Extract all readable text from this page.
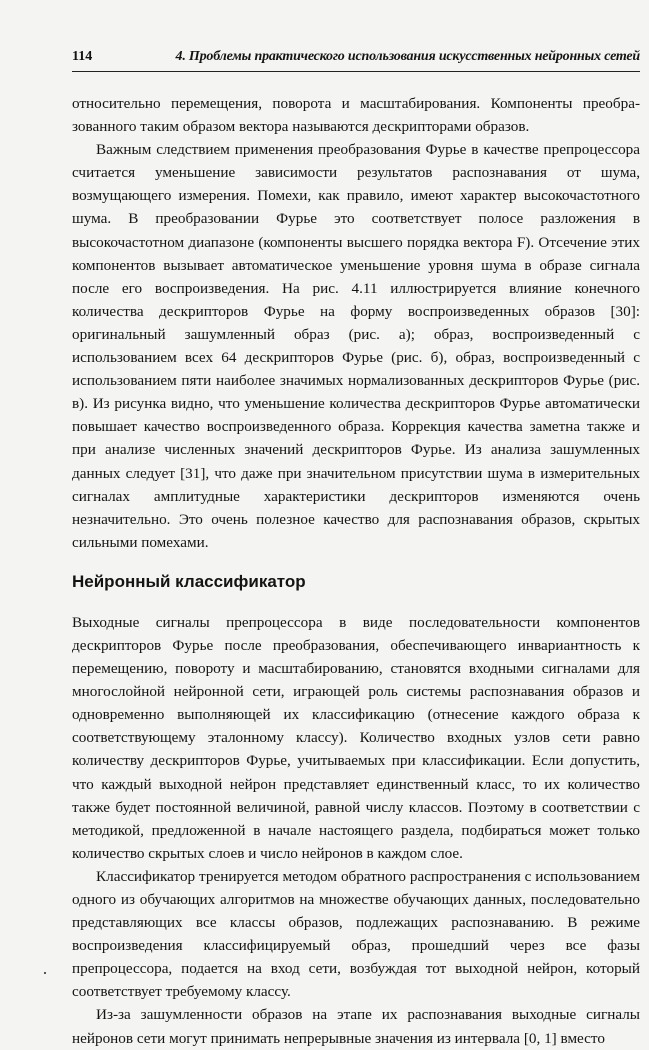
114	4. Проблемы практического использования искусственных нейронных сетей

относительно перемещения, поворота и масштабирования. Компоненты преобразованного таким образом вектора называются дескрипторами образов.

Важным следствием применения преобразования Фурье в качестве препроцессора считается уменьшение зависимости результатов распознавания от шума, возмущающего измерения. Помехи, как правило, имеют характер высокочастотного шума. В преобразовании Фурье это соответствует полосе разложения в высокочастотном диапазоне (компоненты высшего порядка вектора F). Отсечение этих компонентов вызывает автоматическое уменьшение уровня шума в образе сигнала после его воспроизведения. На рис. 4.11 иллюстрируется влияние конечного количества дескрипторов Фурье на форму воспроизведенных образов [30]: оригинальный зашумленный образ (рис. а); образ, воспроизведенный с использованием всех 64 дескрипторов Фурье (рис. б), образ, воспроизведенный с использованием пяти наиболее значимых нормализованных дескрипторов Фурье (рис. в). Из рисунка видно, что уменьшение количества дескрипторов Фурье автоматически повышает качество воспроизведенного образа. Коррекция качества заметна также и при анализе численных значений дескрипторов Фурье. Из анализа зашумленных данных следует [31], что даже при значительном присутствии шума в измерительных сигналах амплитудные характеристики дескрипторов изменяются очень незначительно. Это очень полезное качество для распознавания образов, скрытых сильными помехами.

Нейронный классификатор

Выходные сигналы препроцессора в виде последовательности компонентов дескрипторов Фурье после преобразования, обеспечивающего инвариантность к перемещению, повороту и масштабированию, становятся входными сигналами для многослойной нейронной сети, играющей роль системы распознавания образов и одновременно выполняющей их классификацию (отнесение каждого образа к соответствующему эталонному классу). Количество входных узлов сети равно количеству дескрипторов Фурье, учитываемых при классификации. Если допустить, что каждый выходной нейрон представляет единственный класс, то их количество также будет постоянной величиной, равной числу классов. Поэтому в соответствии с методикой, предложенной в начале настоящего раздела, подбираться может только количество скрытых слоев и число нейронов в каждом слое.

Классификатор тренируется методом обратного распространения с использованием одного из обучающих алгоритмов на множестве обучающих данных, последовательно представляющих все классы образов, подлежащих распознаванию. В режиме воспроизведения классифицируемый образ, прошедший через все фазы препроцессора, подается на вход сети, возбуждая тот выходной нейрон, который соответствует требуемому классу.

Из-за зашумленности образов на этапе их распознавания выходные сигналы нейронов сети могут принимать непрерывные значения из интервала [0, 1] вместо
